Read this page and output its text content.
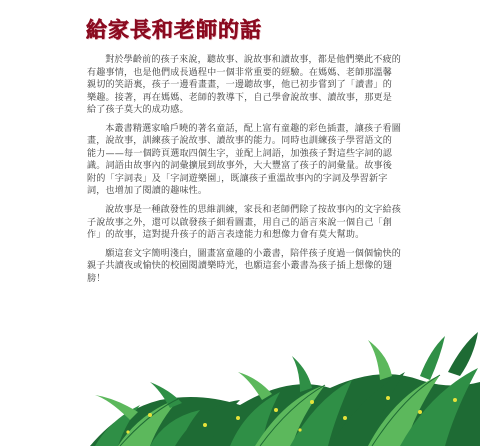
給家長和老師的話

對於學齡前的孩子來說，聽故事、說故事和讀故事，都是他們樂此不疲的有趣事情，也是他們成長過程中一個非常重要的經驗。在媽媽、老師那溫馨親切的笑語裏，孩子一邊看畫畫，一邊聽故事，他已初步嘗到了「讀書」的樂趣。接著，再在媽媽、老師的教導下，自己學會說故事、讀故事，那更是給了孩子莫大的成功感。

本叢書精選家喻戶曉的著名童話，配上富有童趣的彩色插畫，讓孩子看圖畫，說故事，訓練孩子說故事、讀故事的能力。同時也訓練孩子學習語文的能力——每一個跨頁選取四個生字，並配上詞語，加強孩子對這些字詞的認識。詞語由故事內的詞彙擴展到故事外，大大豐富了孩子的詞彙量。故事後附的「字詞表」及「字詞遊樂園」，既讓孩子重溫故事內的字詞及學習新字詞，也增加了閱讀的趣味性。

說故事是一種啟發性的思維訓練，家長和老師們除了按故事內的文字給孩子說故事之外，還可以啟發孩子細看圖畫，用自己的語言來說一個自己「創作」的故事，這對提升孩子的語言表達能力和想像力會有莫大幫助。

願這套文字簡明淺白，圖畫富童趣的小叢書，陪伴孩子度過一個個愉快的親子共讀夜或愉快的校園閱讀樂時光，也願這套小叢書為孩子插上想像的翅膀！
